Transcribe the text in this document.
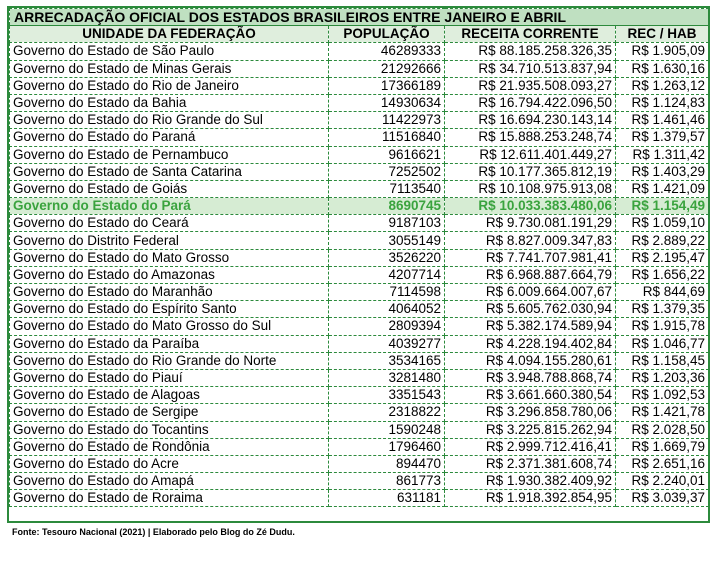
ARRECADAÇÃO OFICIAL DOS ESTADOS BRASILEIROS ENTRE JANEIRO E ABRIL			
UNIDADE DA FEDERAÇÃO	POPULAÇÃO	RECEITA CORRENTE	REC / HAB
Governo do Estado de São Paulo	46289333	R$ 88.185.258.326,35	R$ 1.905,09
Governo do Estado de Minas Gerais	21292666	R$ 34.710.513.837,94	R$ 1.630,16
Governo do Estado do Rio de Janeiro	17366189	R$ 21.935.508.093,27	R$ 1.263,12
Governo do Estado da Bahia	14930634	R$ 16.794.422.096,50	R$ 1.124,83
Governo do Estado do Rio Grande do Sul	11422973	R$ 16.694.230.143,14	R$ 1.461,46
Governo do Estado do Paraná	11516840	R$ 15.888.253.248,74	R$ 1.379,57
Governo do Estado de Pernambuco	9616621	R$ 12.611.401.449,27	R$ 1.311,42
Governo do Estado de Santa Catarina	7252502	R$ 10.177.365.812,19	R$ 1.403,29
Governo do Estado de Goiás	7113540	R$ 10.108.975.913,08	R$ 1.421,09
Governo do Estado do Pará	8690745	R$ 10.033.383.480,06	R$ 1.154,49
Governo do Estado do Ceará	9187103	R$ 9.730.081.191,29	R$ 1.059,10
Governo do Distrito Federal	3055149	R$ 8.827.009.347,83	R$ 2.889,22
Governo do Estado do Mato Grosso	3526220	R$ 7.741.707.981,41	R$ 2.195,47
Governo do Estado do Amazonas	4207714	R$ 6.968.887.664,79	R$ 1.656,22
Governo do Estado do Maranhão	7114598	R$ 6.009.664.007,67	R$ 844,69
Governo do Estado do Espírito Santo	4064052	R$ 5.605.762.030,94	R$ 1.379,35
Governo do Estado do Mato Grosso do Sul	2809394	R$ 5.382.174.589,94	R$ 1.915,78
Governo do Estado da Paraíba	4039277	R$ 4.228.194.402,84	R$ 1.046,77
Governo do Estado do Rio Grande do Norte	3534165	R$ 4.094.155.280,61	R$ 1.158,45
Governo do Estado do Piauí	3281480	R$ 3.948.788.868,74	R$ 1.203,36
Governo do Estado de Alagoas	3351543	R$ 3.661.660.380,54	R$ 1.092,53
Governo do Estado de Sergipe	2318822	R$ 3.296.858.780,06	R$ 1.421,78
Governo do Estado do Tocantins	1590248	R$ 3.225.815.262,94	R$ 2.028,50
Governo do Estado de Rondônia	1796460	R$ 2.999.712.416,41	R$ 1.669,79
Governo do Estado do Acre	894470	R$ 2.371.381.608,74	R$ 2.651,16
Governo do Estado do Amapá	861773	R$ 1.930.382.409,92	R$ 2.240,01
Governo do Estado de Roraima	631181	R$ 1.918.392.854,95	R$ 3.039,37
Fonte: Tesouro Nacional (2021) | Elaborado pelo Blog do Zé Dudu.
